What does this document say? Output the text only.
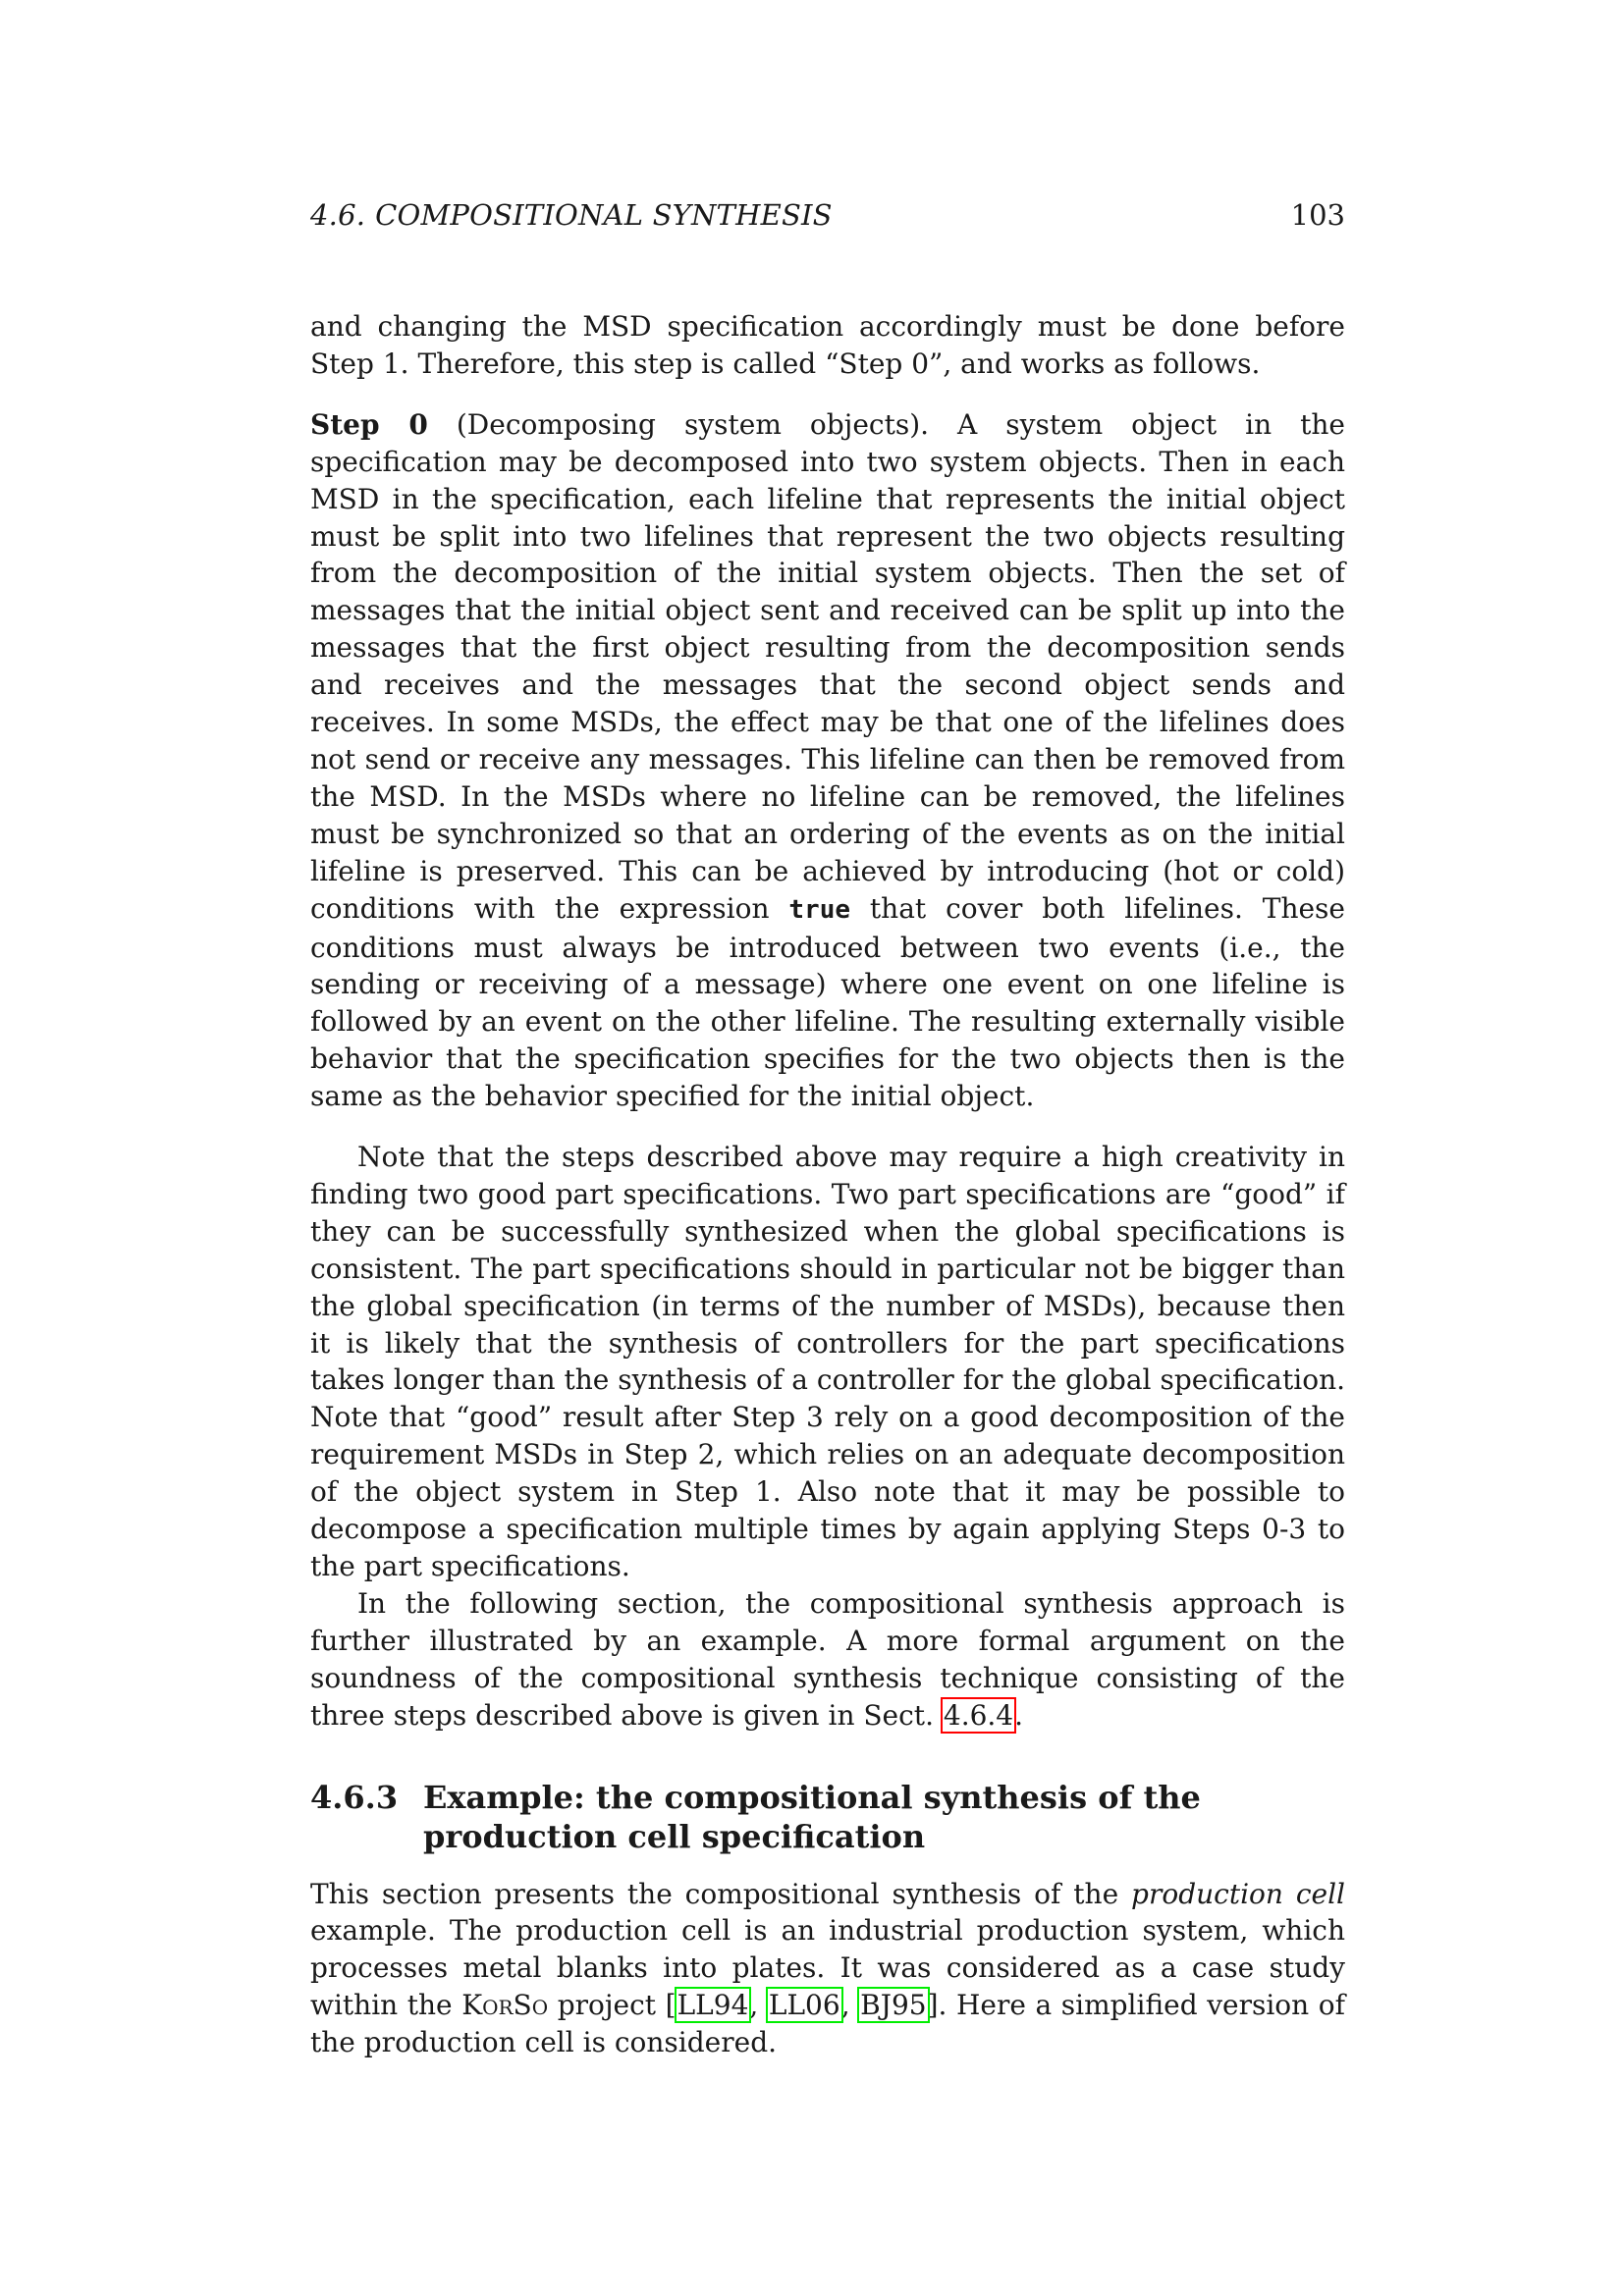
4.6. COMPOSITIONAL SYNTHESIS	103

and changing the MSD specification accordingly must be done before Step 1. Therefore, this step is called “Step 0”, and works as follows.

Step 0 (Decomposing system objects). A system object in the specification may be decomposed into two system objects. Then in each MSD in the specification, each lifeline that represents the initial object must be split into two lifelines that represent the two objects resulting from the decomposition of the initial system objects. Then the set of messages that the initial object sent and received can be split up into the messages that the first object resulting from the decomposition sends and receives and the messages that the second object sends and receives. In some MSDs, the effect may be that one of the lifelines does not send or receive any messages. This lifeline can then be removed from the MSD. In the MSDs where no lifeline can be removed, the lifelines must be synchronized so that an ordering of the events as on the initial lifeline is preserved. This can be achieved by introducing (hot or cold) conditions with the expression true that cover both lifelines. These conditions must always be introduced between two events (i.e., the sending or receiving of a message) where one event on one lifeline is followed by an event on the other lifeline. The resulting externally visible behavior that the specification specifies for the two objects then is the same as the behavior specified for the initial object.

Note that the steps described above may require a high creativity in finding two good part specifications. Two part specifications are “good” if they can be successfully synthesized when the global specifications is consistent. The part specifications should in particular not be bigger than the global specification (in terms of the number of MSDs), because then it is likely that the synthesis of controllers for the part specifications takes longer than the synthesis of a controller for the global specification. Note that “good” result after Step 3 rely on a good decomposition of the requirement MSDs in Step 2, which relies on an adequate decomposition of the object system in Step 1. Also note that it may be possible to decompose a specification multiple times by again applying Steps 0-3 to the part specifications.

In the following section, the compositional synthesis approach is further illustrated by an example. A more formal argument on the soundness of the compositional synthesis technique consisting of the three steps described above is given in Sect. 4.6.4.

4.6.3 Example: the compositional synthesis of the production cell specification

This section presents the compositional synthesis of the production cell example. The production cell is an industrial production system, which processes metal blanks into plates. It was considered as a case study within the KorSo project [LL94, LL06, BJ95]. Here a simplified version of the production cell is considered.
